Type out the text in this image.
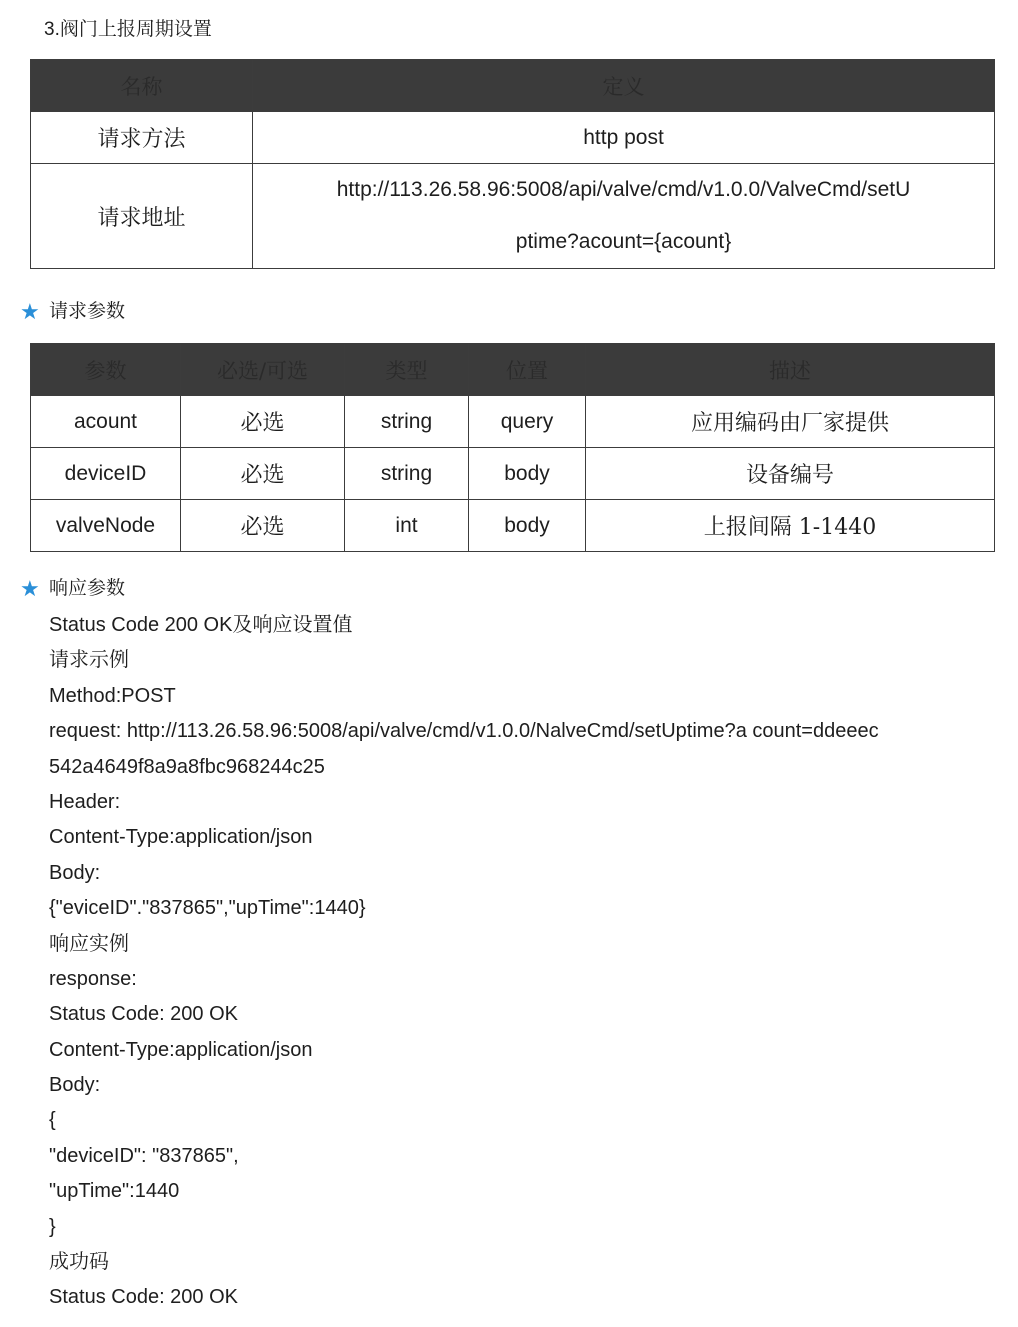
3.阀门上报周期设置
名称	定义
请求方法	http post
请求地址	http://113.26.58.96:5008/api/valve/cmd/v1.0.0/ValveCmd/setU
ptime?acount={acount}
★ 请求参数
参数	必选/可选	类型	位置	描述
acount	必选	string	query	应用编码由厂家提供
deviceID	必选	string	body	设备编号
valveNode	必选	int	body	上报间隔 1-1440
★ 响应参数
Status Code 200 OK及响应设置值
请求示例
Method:POST
request: http://113.26.58.96:5008/api/valve/cmd/v1.0.0/NalveCmd/setUptime?a count=ddeeec
542a4649f8a9a8fbc968244c25
Header:
Content-Type:application/json
Body:
{"eviceID"."837865","upTime":1440}
响应实例
response:
Status Code: 200 OK
Content-Type:application/json
Body:
{
"deviceID": "837865",
"upTime":1440
}
成功码
Status Code: 200 OK
